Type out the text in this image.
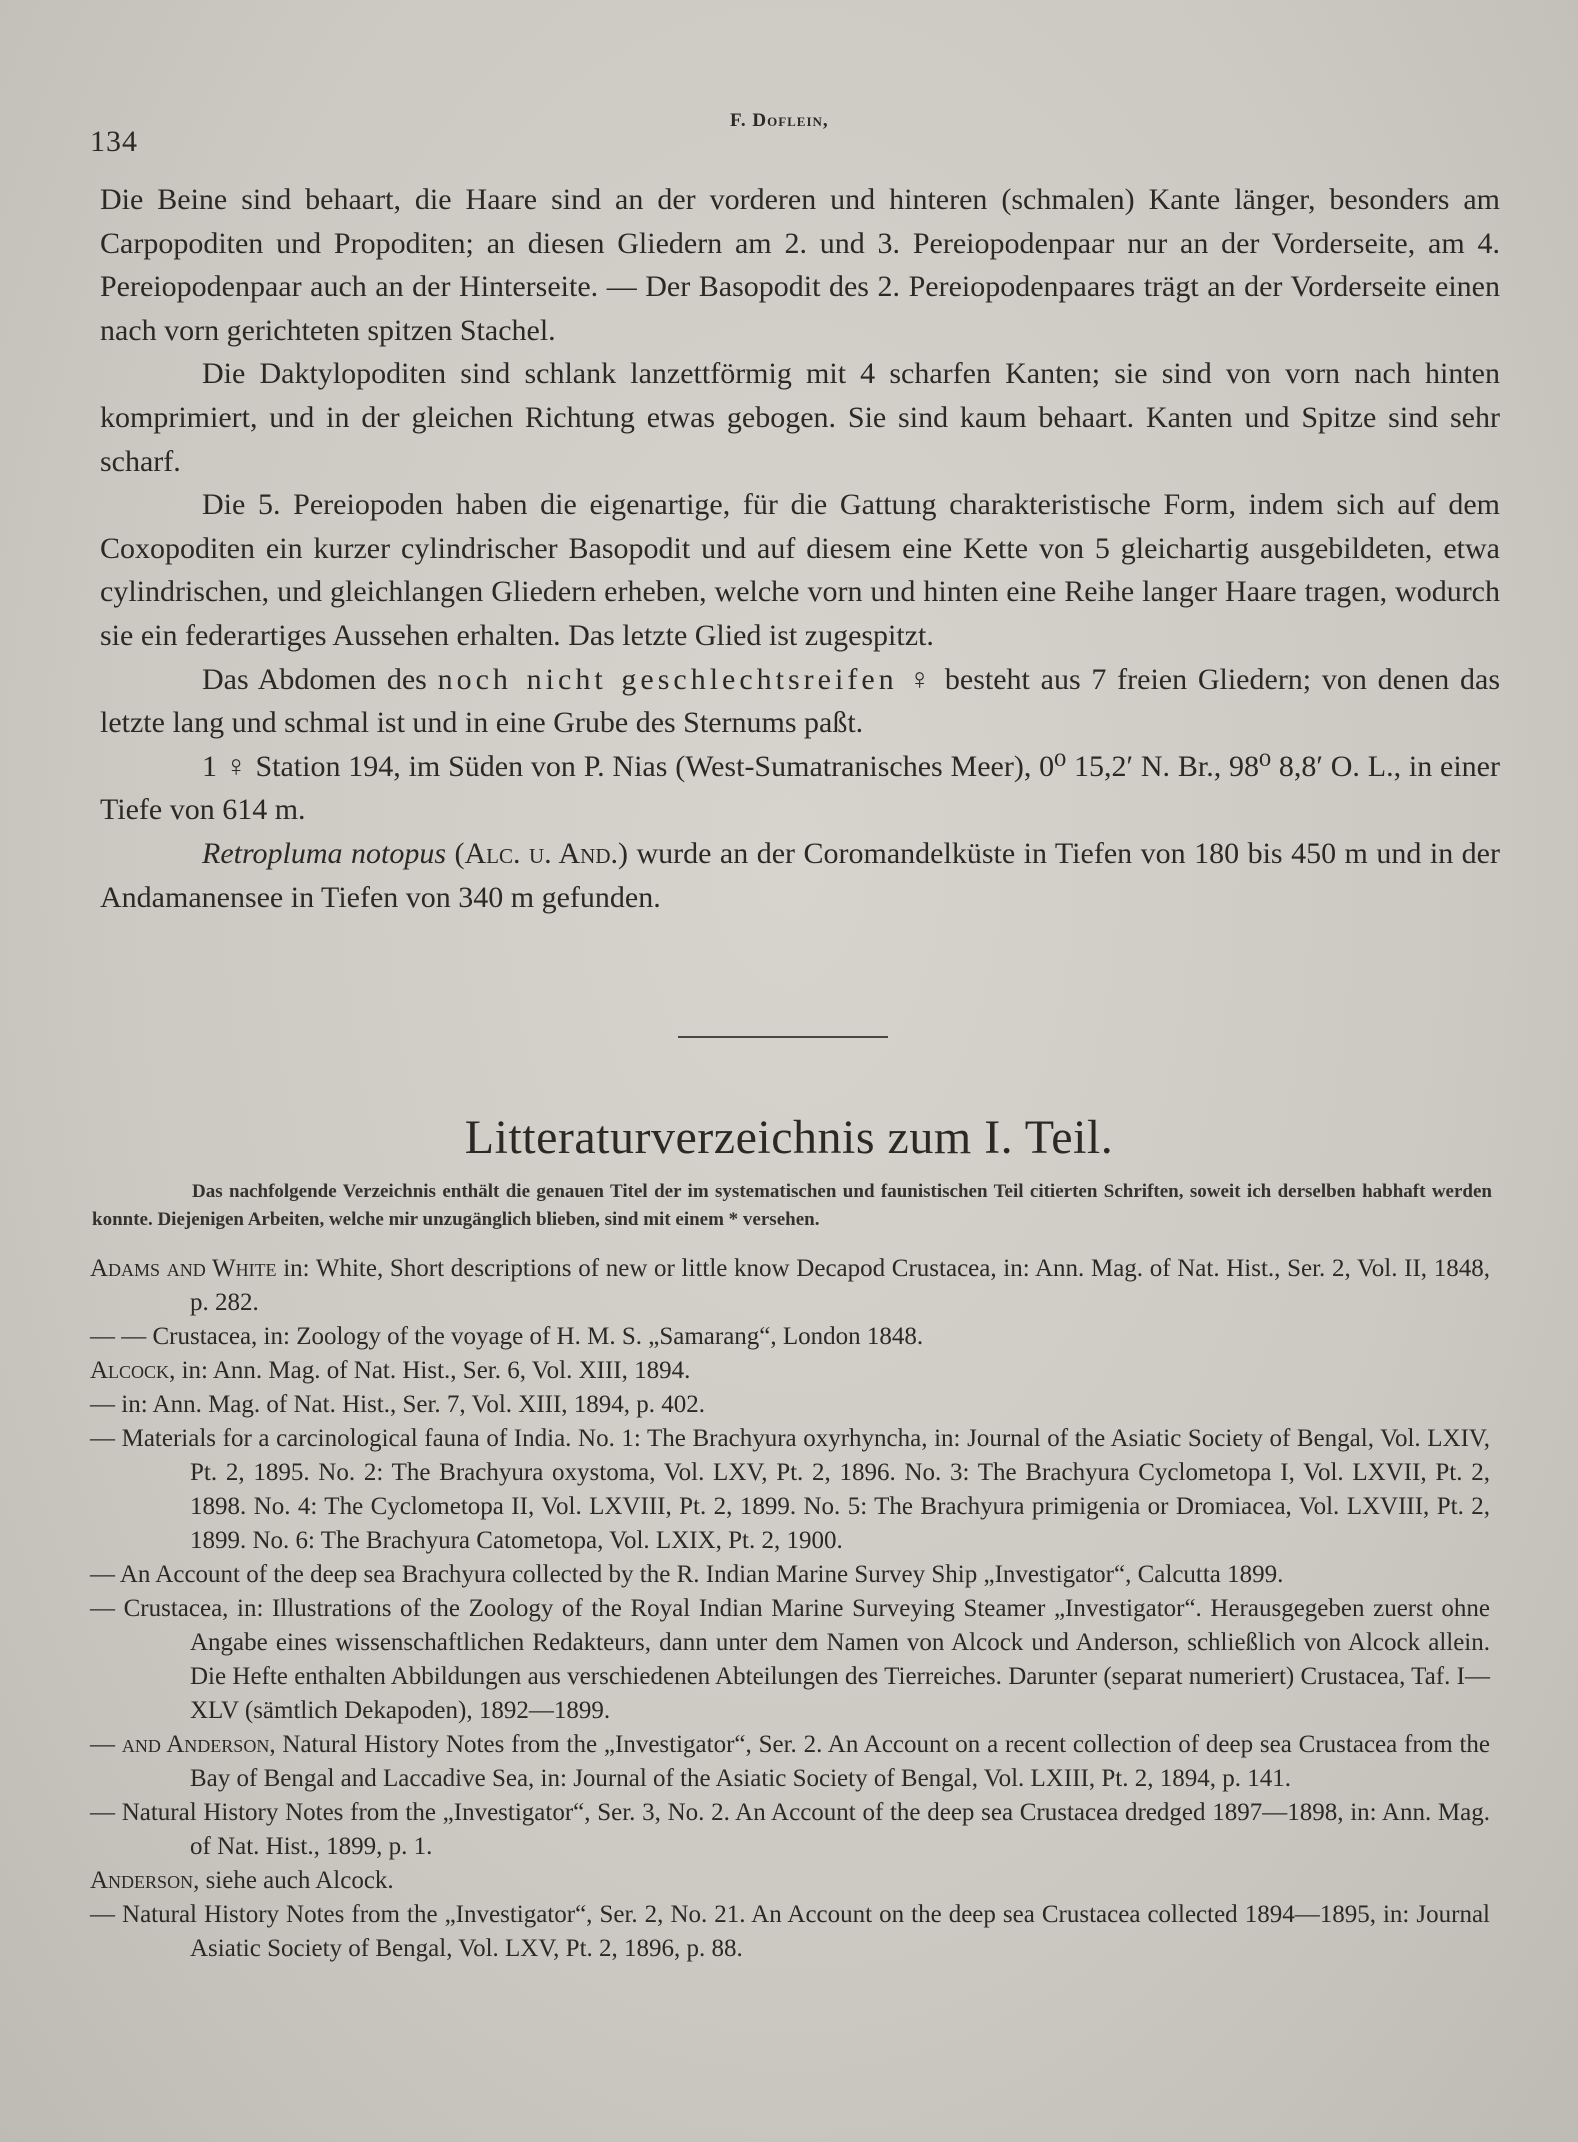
134
F. Doflein,

Die Beine sind behaart, die Haare sind an der vorderen und hinteren (schmalen) Kante länger, besonders am Carpopoditen und Propoditen; an diesen Gliedern am 2. und 3. Pereiopodenpaar nur an der Vorderseite, am 4. Pereiopodenpaar auch an der Hinterseite. — Der Basopodit des 2. Pereiopodenpaares trägt an der Vorderseite einen nach vorn gerichteten spitzen Stachel.

Die Daktylopoditen sind schlank lanzettförmig mit 4 scharfen Kanten; sie sind von vorn nach hinten komprimiert, und in der gleichen Richtung etwas gebogen. Sie sind kaum behaart. Kanten und Spitze sind sehr scharf.

Die 5. Pereiopoden haben die eigenartige, für die Gattung charakteristische Form, indem sich auf dem Coxopoditen ein kurzer cylindrischer Basopodit und auf diesem eine Kette von 5 gleichartig ausgebildeten, etwa cylindrischen, und gleichlangen Gliedern erheben, welche vorn und hinten eine Reihe langer Haare tragen, wodurch sie ein federartiges Aussehen erhalten. Das letzte Glied ist zugespitzt.

Das Abdomen des noch nicht geschlechtsreifen ♀ besteht aus 7 freien Gliedern; von denen das letzte lang und schmal ist und in eine Grube des Sternums paßt.

1 ♀ Station 194, im Süden von P. Nias (West-Sumatranisches Meer), 0⁰ 15,2′ N. Br., 98⁰ 8,8′ O. L., in einer Tiefe von 614 m.

Retropluma notopus (Alc. u. And.) wurde an der Coromandelküste in Tiefen von 180 bis 450 m und in der Andamanensee in Tiefen von 340 m gefunden.

Litteraturverzeichnis zum I. Teil.

Das nachfolgende Verzeichnis enthält die genauen Titel der im systematischen und faunistischen Teil citierten Schriften, soweit ich derselben habhaft werden konnte. Diejenigen Arbeiten, welche mir unzugänglich blieben, sind mit einem * versehen.

Adams and White in: White, Short descriptions of new or little know Decapod Crustacea, in: Ann. Mag. of Nat. Hist., Ser. 2, Vol. II, 1848, p. 282.
— — Crustacea, in: Zoology of the voyage of H. M. S. „Samarang“, London 1848.
Alcock, in: Ann. Mag. of Nat. Hist., Ser. 6, Vol. XIII, 1894.
— in: Ann. Mag. of Nat. Hist., Ser. 7, Vol. XIII, 1894, p. 402.
— Materials for a carcinological fauna of India. No. 1: The Brachyura oxyrhyncha, in: Journal of the Asiatic Society of Bengal, Vol. LXIV, Pt. 2, 1895. No. 2: The Brachyura oxystoma, Vol. LXV, Pt. 2, 1896. No. 3: The Brachyura Cyclometopa I, Vol. LXVII, Pt. 2, 1898. No. 4: The Cyclometopa II, Vol. LXVIII, Pt. 2, 1899. No. 5: The Brachyura primigenia or Dromiacea, Vol. LXVIII, Pt. 2, 1899. No. 6: The Brachyura Catometopa, Vol. LXIX, Pt. 2, 1900.
— An Account of the deep sea Brachyura collected by the R. Indian Marine Survey Ship „Investigator“, Calcutta 1899.
— Crustacea, in: Illustrations of the Zoology of the Royal Indian Marine Surveying Steamer „Investigator“. Herausgegeben zuerst ohne Angabe eines wissenschaftlichen Redakteurs, dann unter dem Namen von Alcock und Anderson, schließlich von Alcock allein. Die Hefte enthalten Abbildungen aus verschiedenen Abteilungen des Tierreiches. Darunter (separat numeriert) Crustacea, Taf. I—XLV (sämtlich Dekapoden), 1892—1899.
— and Anderson, Natural History Notes from the „Investigator“, Ser. 2. An Account on a recent collection of deep sea Crustacea from the Bay of Bengal and Laccadive Sea, in: Journal of the Asiatic Society of Bengal, Vol. LXIII, Pt. 2, 1894, p. 141.
— Natural History Notes from the „Investigator“, Ser. 3, No. 2. An Account of the deep sea Crustacea dredged 1897—1898, in: Ann. Mag. of Nat. Hist., 1899, p. 1.
Anderson, siehe auch Alcock.
— Natural History Notes from the „Investigator“, Ser. 2, No. 21. An Account on the deep sea Crustacea collected 1894—1895, in: Journal Asiatic Society of Bengal, Vol. LXV, Pt. 2, 1896, p. 88.
